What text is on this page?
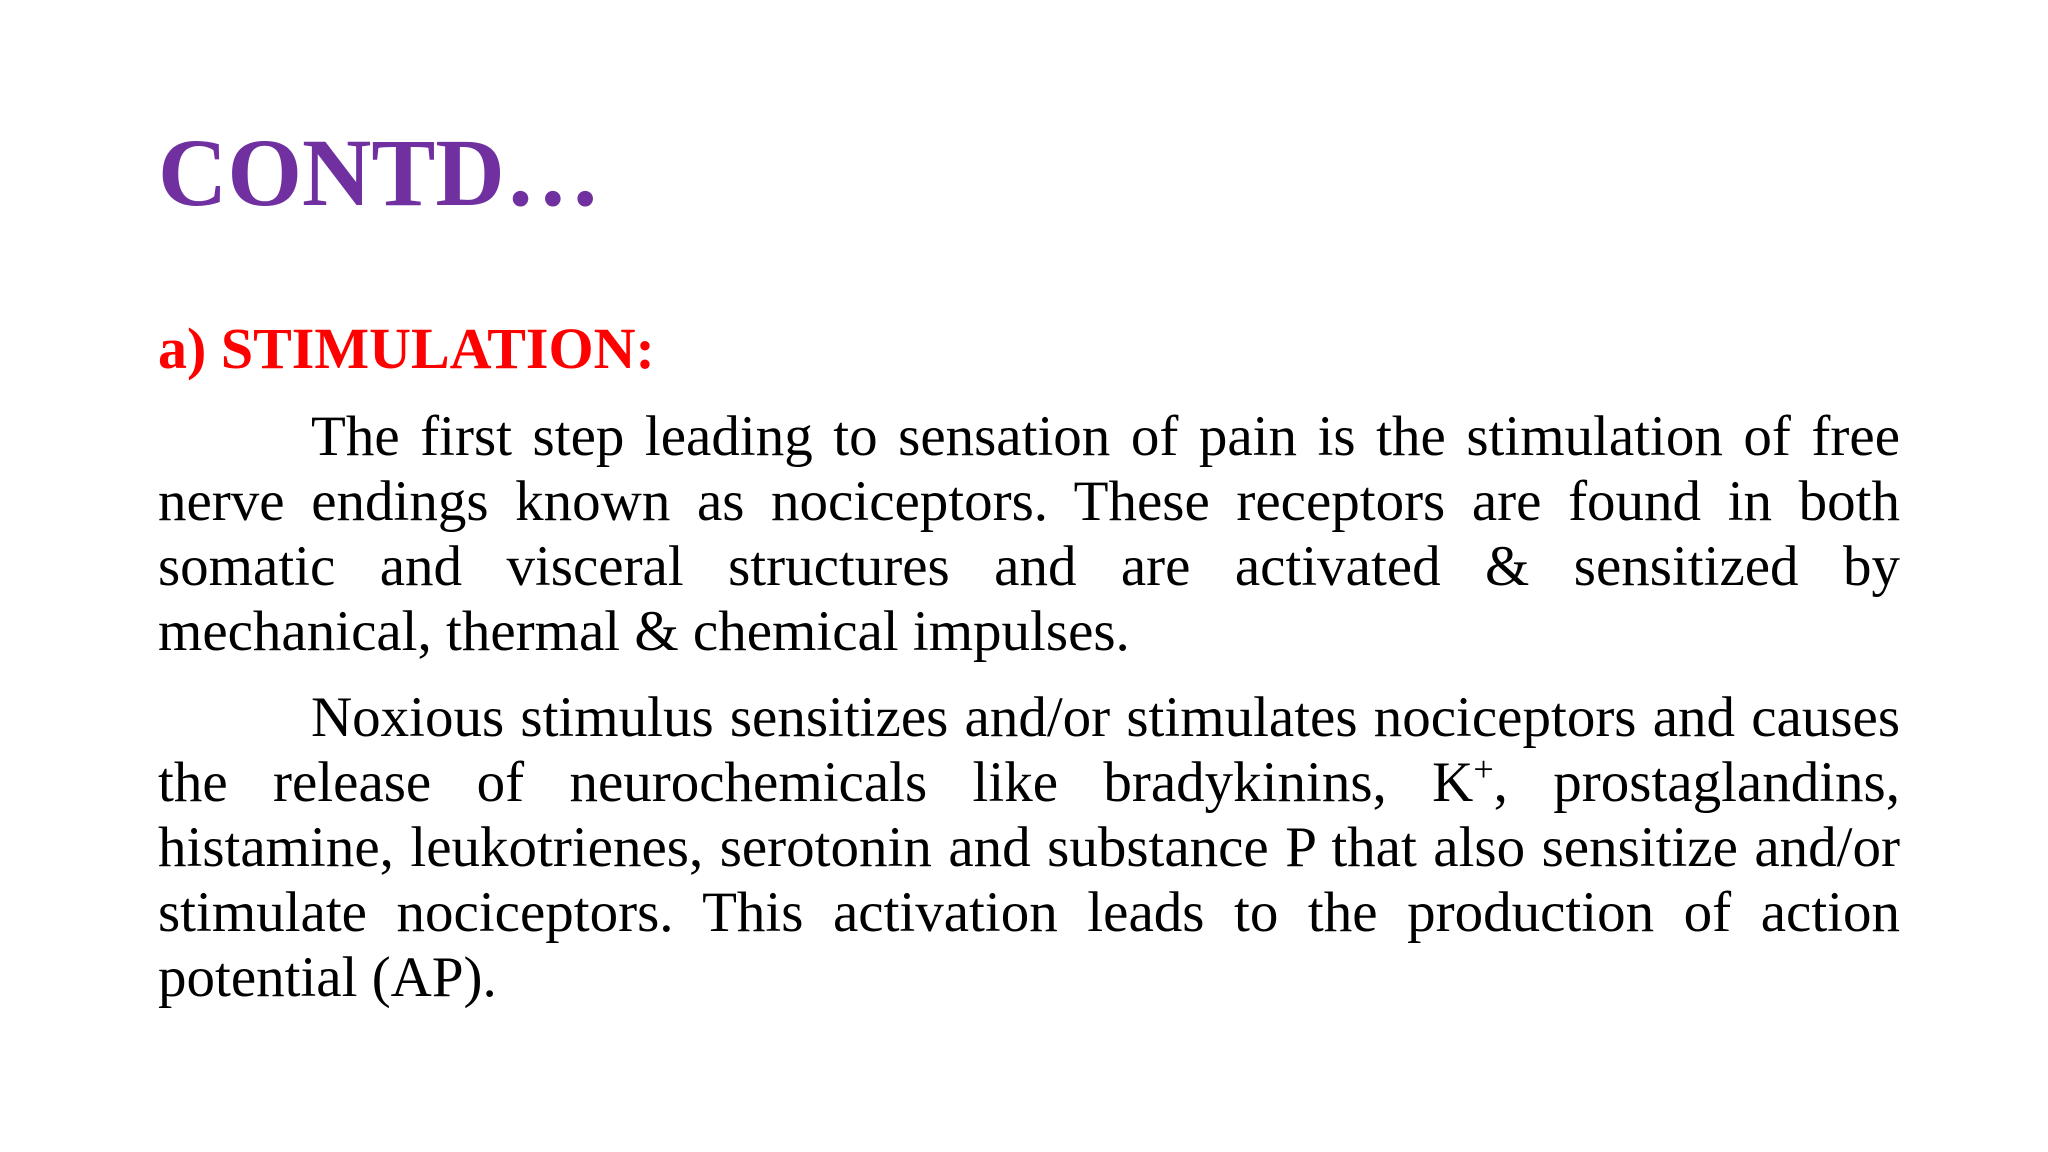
CONTD…
a) STIMULATION:

The first step leading to sensation of pain is the stimulation of free nerve endings known as nociceptors. These receptors are found in both somatic and visceral structures and are activated & sensitized by mechanical, thermal & chemical impulses.

Noxious stimulus sensitizes and/or stimulates nociceptors and causes the release of neurochemicals like bradykinins, K+, prostaglandins, histamine, leukotrienes, serotonin and substance P that also sensitize and/or stimulate nociceptors. This activation leads to the production of action potential (AP).
